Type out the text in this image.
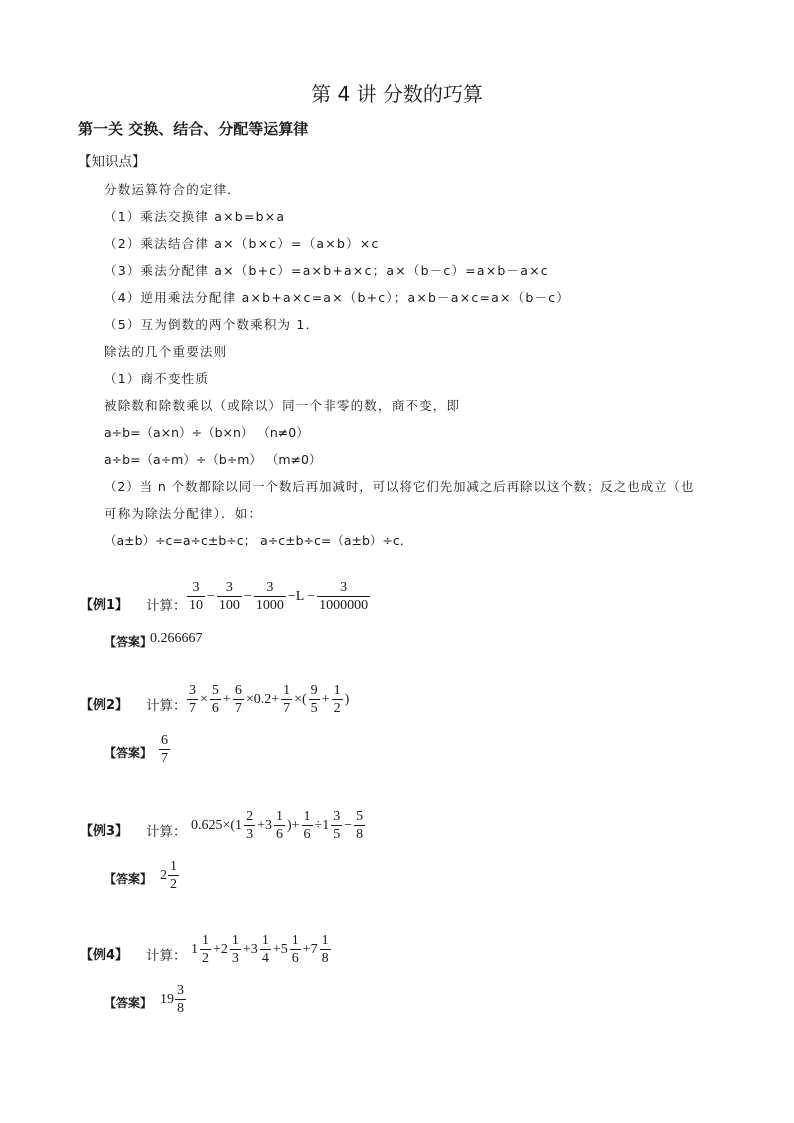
第 4 讲 分数的巧算
第一关 交换、结合、分配等运算律
【知识点】
分数运算符合的定律．
（1）乘法交换律 a×b=b×a
（2）乘法结合律 a×（b×c）=（a×b）×c
（3）乘法分配律 a×（b+c）=a×b+a×c；a×（b－c）=a×b－a×c
（4）逆用乘法分配律 a×b+a×c=a×（b+c）；a×b－a×c=a×（b－c）
（5）互为倒数的两个数乘积为 1．
除法的几个重要法则
（1）商不变性质
被除数和除数乘以（或除以）同一个非零的数，商不变，即
a÷b=（a×n）÷（b×n） （n≠0）
a÷b=（a÷m）÷（b÷m） （m≠0）
（2）当 n 个数都除以同一个数后再加减时，可以将它们先加减之后再除以这个数；反之也成立（也
可称为除法分配律）．如：
（a±b）÷c=a÷c±b÷c； a÷c±b÷c=（a±b）÷c．
【例1】 计算： $\frac{3}{10} - \frac{3}{100} - \frac{3}{1000} -L - \frac{3}{1000000}$
【答案】
0.266667
【例2】 计算： $\frac{3}{7} \times \frac{5}{6} + \frac{6}{7} \times 0.2+ \frac{1}{7}$ ×( $\frac{9}{5} + \frac{1}{2}$ )
【答案】 $\frac{6}{7}$
【例3】 计算： $0.625\times(1 \frac{2}{3} +3 \frac{1}{6}$ )+ $\frac{1}{6} \div 1 \frac{3}{5} - \frac{5}{8}$
【答案】 $2 \frac{1}{2}$
【例4】 计算： $1 \frac{1}{2} +2 \frac{1}{3} +3 \frac{1}{4} +5 \frac{1}{6} +7 \frac{1}{8}$
【答案】 $19 \frac{3}{8}$
